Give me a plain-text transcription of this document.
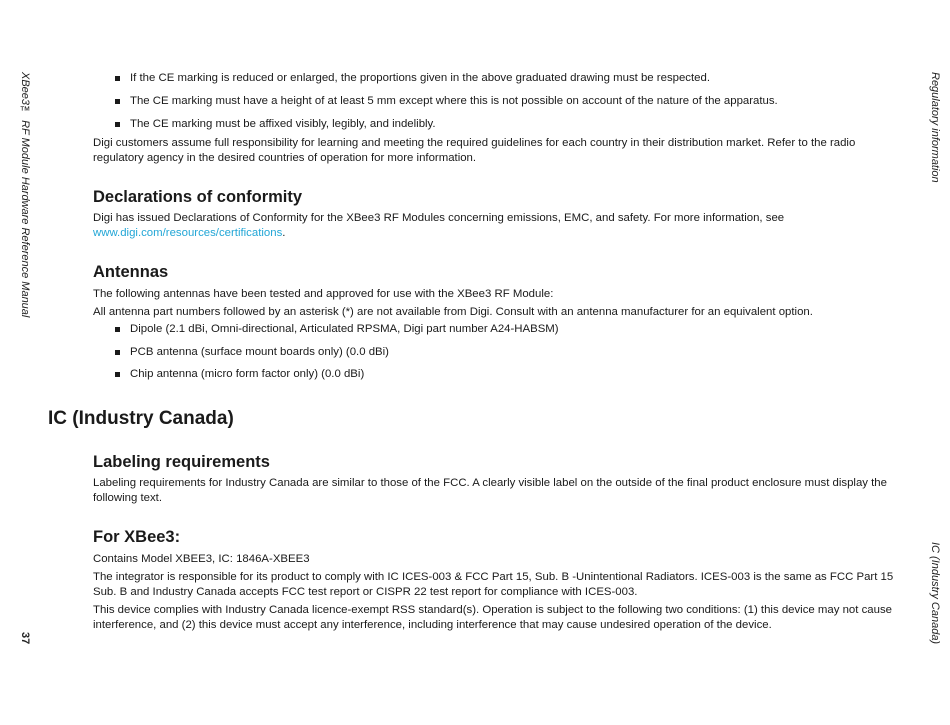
XBee3™ RF Module Hardware Reference Manual
37
Regulatory information
IC (Industry Canada)
If the CE marking is reduced or enlarged, the proportions given in the above graduated drawing must be respected.
The CE marking must have a height of at least 5 mm except where this is not possible on account of the nature of the apparatus.
The CE marking must be affixed visibly, legibly, and indelibly.
Digi customers assume full responsibility for learning and meeting the required guidelines for each country in their distribution market. Refer to the radio regulatory agency in the desired countries of operation for more information.
Declarations of conformity
Digi has issued Declarations of Conformity for the XBee3 RF Modules concerning emissions, EMC, and safety. For more information, see www.digi.com/resources/certifications.
Antennas
The following antennas have been tested and approved for use with the XBee3 RF Module:
All antenna part numbers followed by an asterisk (*) are not available from Digi. Consult with an antenna manufacturer for an equivalent option.
Dipole (2.1 dBi, Omni-directional, Articulated RPSMA, Digi part number A24-HABSM)
PCB antenna (surface mount boards only) (0.0 dBi)
Chip antenna (micro form factor only) (0.0 dBi)
IC (Industry Canada)
Labeling requirements
Labeling requirements for Industry Canada are similar to those of the FCC. A clearly visible label on the outside of the final product enclosure must display the following text.
For XBee3:
Contains Model XBEE3, IC: 1846A-XBEE3
The integrator is responsible for its product to comply with IC ICES-003 & FCC Part 15, Sub. B -Unintentional Radiators. ICES-003 is the same as FCC Part 15 Sub. B and Industry Canada accepts FCC test report or CISPR 22 test report for compliance with ICES-003.
This device complies with Industry Canada licence-exempt RSS standard(s). Operation is subject to the following two conditions: (1) this device may not cause interference, and (2) this device must accept any interference, including interference that may cause undesired operation of the device.
